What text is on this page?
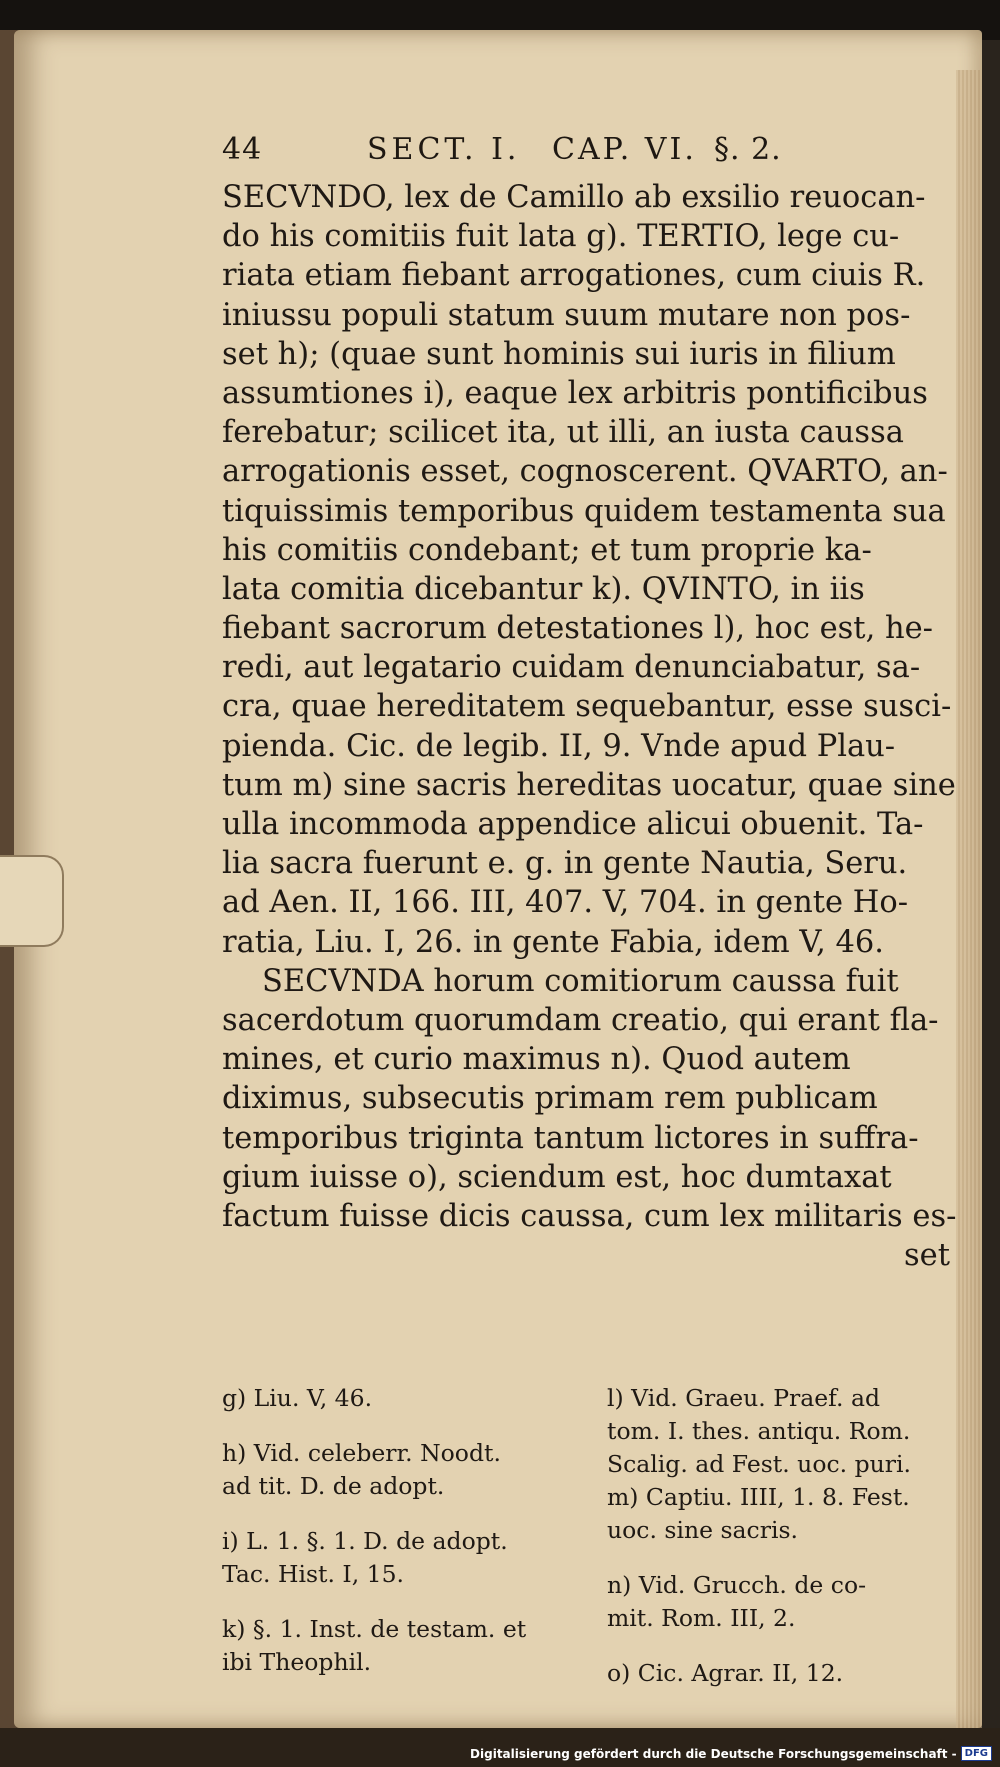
44	SECT. I. CAP. VI. §. 2.
SECVNDO, lex de Camillo ab exsilio reuocan-
do his comitiis fuit lata g). TERTIO, lege cu-
riata etiam fiebant arrogationes, cum ciuis R.
iniussu populi statum suum mutare non pos-
set h); (quae sunt hominis sui iuris in filium
assumtiones i), eaque lex arbitris pontificibus
ferebatur; scilicet ita, ut illi, an iusta caussa
arrogationis esset, cognoscerent. QVARTO, an-
tiquissimis temporibus quidem testamenta sua
his comitiis condebant; et tum proprie ka-
lata comitia dicebantur k). QVINTO, in iis
fiebant sacrorum detestationes l), hoc est, he-
redi, aut legatario cuidam denunciabatur, sa-
cra, quae hereditatem sequebantur, esse susci-
pienda. Cic. de legib. II, 9. Vnde apud Plau-
tum m) sine sacris hereditas uocatur, quae sine
ulla incommoda appendice alicui obuenit. Ta-
lia sacra fuerunt e. g. in gente Nautia, Seru.
ad Aen. II, 166. III, 407. V, 704. in gente Ho-
ratia, Liu. I, 26. in gente Fabia, idem V, 46.
SECVNDA horum comitiorum caussa fuit
sacerdotum quorumdam creatio, qui erant fla-
mines, et curio maximus n). Quod autem
diximus, subsecutis primam rem publicam
temporibus triginta tantum lictores in suffra-
gium iuisse o), sciendum est, hoc dumtaxat
factum fuisse dicis caussa, cum lex militaris es-
set
g) Liu. V, 46.
h) Vid. celeberr. Noodt.
ad tit. D. de adopt.
i) L. 1. §. 1. D. de adopt.
Tac. Hist. I, 15.
k) §. 1. Inst. de testam. et
ibi Theophil.
l) Vid. Graeu. Praef. ad
tom. I. thes. antiqu. Rom.
Scalig. ad Fest. uoc. puri.
m) Captiu. IIII, 1. 8. Fest.
uoc. sine sacris.
n) Vid. Grucch. de co-
mit. Rom. III, 2.
o) Cic. Agrar. II, 12.
Digitalisierung gefördert durch die Deutsche Forschungsgemeinschaft - DFG
